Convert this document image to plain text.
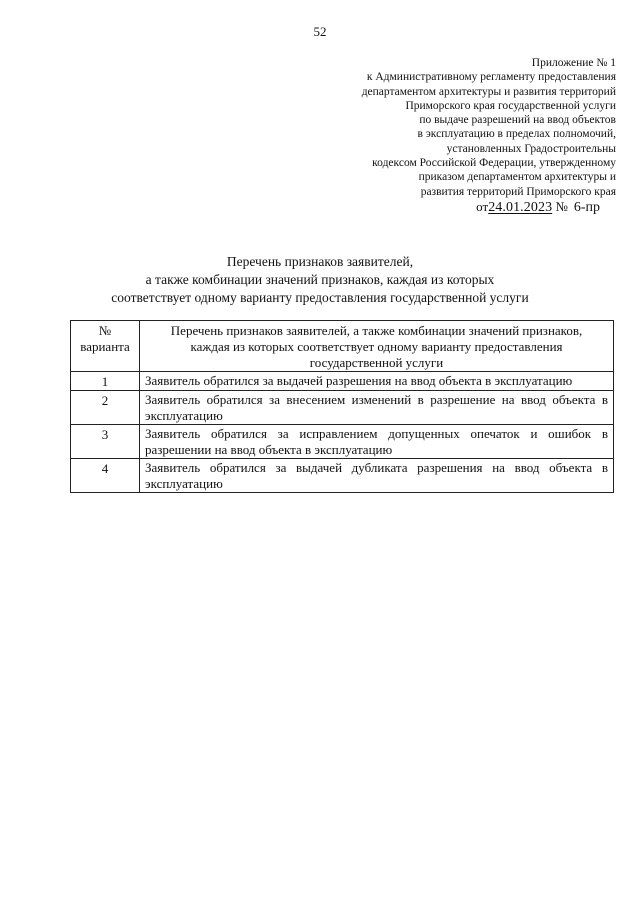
52
Приложение № 1
к Административному регламенту предоставления
департаментом архитектуры и развития территорий
Приморского края государственной услуги
по выдаче разрешений на ввод объектов
в эксплуатацию в пределах полномочий,
установленных Градостроительны
кодексом Российской Федерации, утвержденному
приказом департаментом архитектуры и
развития территорий Приморского края
от24.01.2023 № 6-пр
Перечень признаков заявителей,
а также комбинации значений признаков, каждая из которых
соответствует одному варианту предоставления государственной услуги
№ варианта	Перечень признаков заявителей, а также комбинации значений признаков, каждая из которых соответствует одному варианту предоставления государственной услуги
1	Заявитель обратился за выдачей разрешения на ввод объекта в эксплуатацию
2	Заявитель обратился за внесением изменений в разрешение на ввод объекта в эксплуатацию
3	Заявитель обратился за исправлением допущенных опечаток и ошибок в разрешении на ввод объекта в эксплуатацию
4	Заявитель обратился за выдачей дубликата разрешения на ввод объекта в эксплуатацию
